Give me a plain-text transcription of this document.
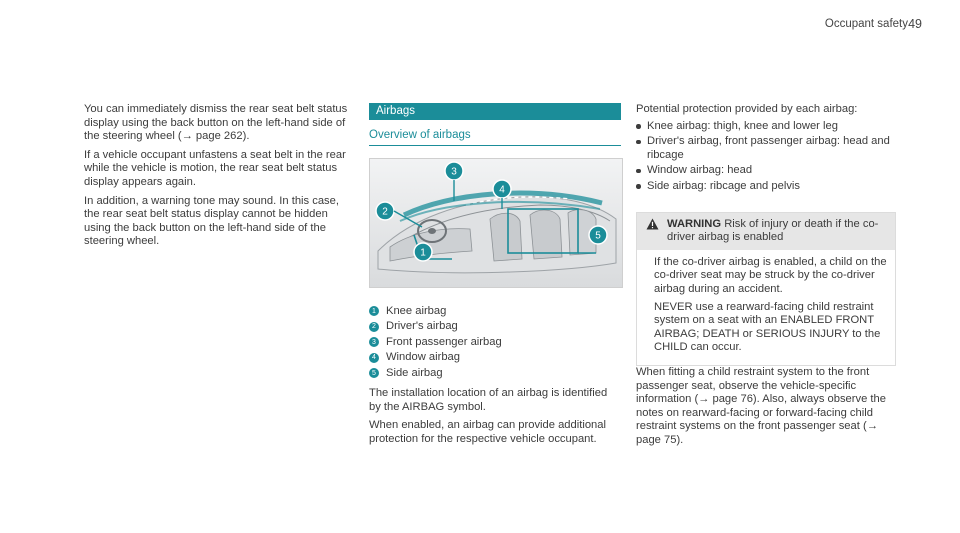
Occupant safety 49

You can immediately dismiss the rear seat belt status display using the back button on the left-hand side of the steering wheel (→ page 262).

If a vehicle occupant unfastens a seat belt in the rear while the vehicle is motion, the rear seat belt status display appears again.

In addition, a warning tone may sound. In this case, the rear seat belt status display cannot be hidden using the back button on the left-hand side of the steering wheel.

Airbags
Overview of airbags
3
4
2
5
1
1 Knee airbag
2 Driver's airbag
3 Front passenger airbag
4 Window airbag
5 Side airbag

The installation location of an airbag is identified by the AIRBAG symbol.

When enabled, an airbag can provide additional protection for the respective vehicle occupant.

Potential protection provided by each airbag:

Knee airbag: thigh, knee and lower leg
Driver's airbag, front passenger airbag: head and ribcage
Window airbag: head
Side airbag: ribcage and pelvis
WARNING Risk of injury or death if the co-driver airbag is enabled

If the co-driver airbag is enabled, a child on the co-driver seat may be struck by the co-driver airbag during an accident.

NEVER use a rearward-facing child restraint system on a seat with an ENABLED FRONT AIRBAG; DEATH or SERIOUS INJURY to the CHILD can occur.

When fitting a child restraint system to the front passenger seat, observe the vehicle-specific information (→ page 76). Also, always observe the notes on rearward-facing or forward-facing child restraint systems on the front passenger seat (→ page 75).
